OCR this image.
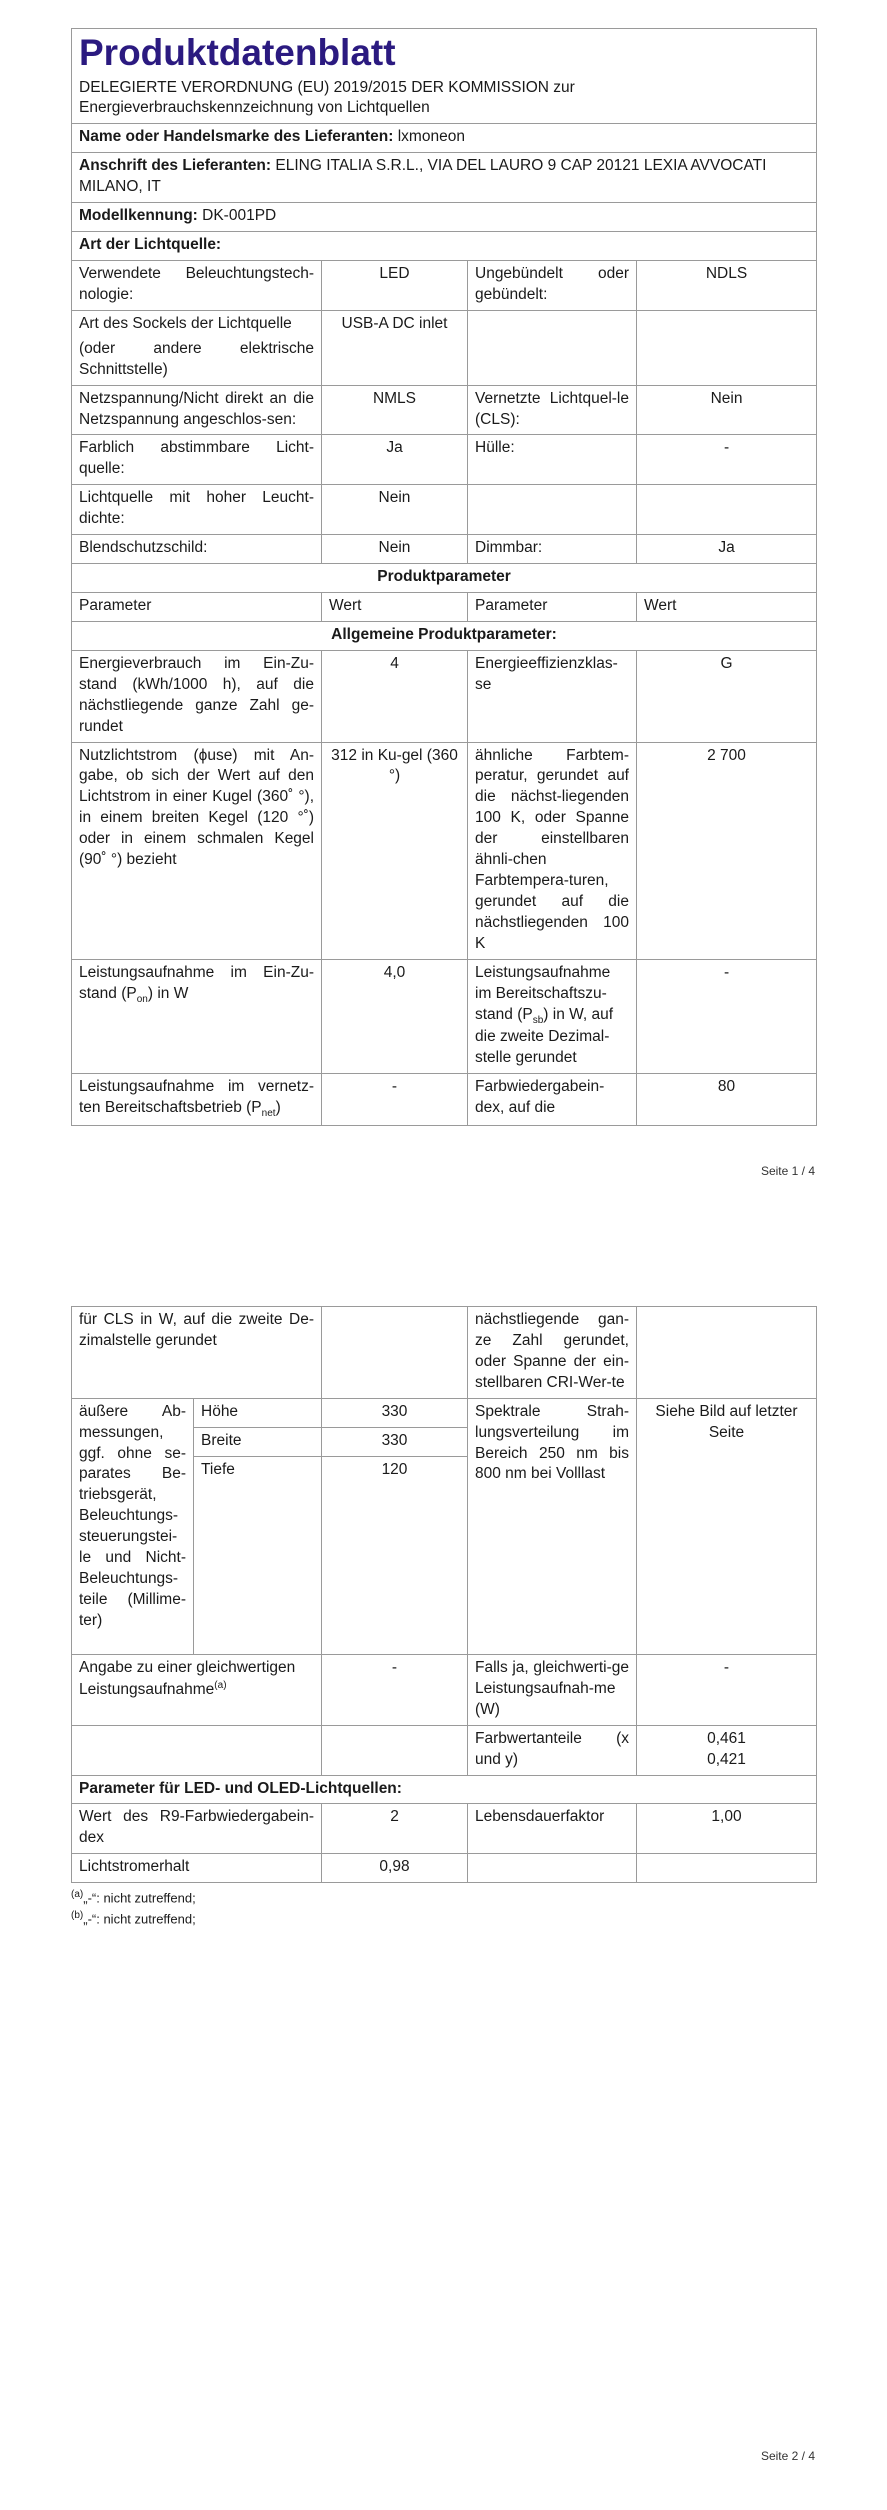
Produktdatenblatt
DELEGIERTE VERORDNUNG (EU) 2019/2015 DER KOMMISSION zur Energieverbrauchskennzeichnung von Lichtquellen			

Name oder Handelsmarke des Lieferanten: lxmoneon			
Anschrift des Lieferanten: ELING ITALIA S.R.L., VIA DEL LAURO 9 CAP 20121 LEXIA AVVOCATI MILANO, IT			
Modellkennung: DK-001PD			
Art der Lichtquelle:			
Verwendete Beleuchtungstech-nologie:	LED	Ungebündelt oder gebündelt:	NDLS

Art des Sockels der Lichtquelle
(oder andere elektrische Schnittstelle)	USB-A DC inlet		
Netzspannung/Nicht direkt an die Netzspannung angeschlos-sen:	NMLS	Vernetzte Lichtquel-le (CLS):	Nein
Farblich abstimmbare Licht-quelle:	Ja	Hülle:	-
Lichtquelle mit hoher Leucht-dichte:	Nein		
Blendschutzschild:	Nein	Dimmbar:	Ja
Produktparameter			
Parameter	Wert	Parameter	Wert
Allgemeine Produktparameter:			
Energieverbrauch im Ein-Zu-stand (kWh/1000 h), auf die nächstliegende ganze Zahl ge-rundet	4	Energieeffizienzklas-se	G
Nutzlichtstrom (ϕuse) mit An-gabe, ob sich der Wert auf den Lichtstrom in einer Kugel (360˚ °), in einem breiten Kegel (120 °˚) oder in einem schmalen Kegel (90˚ °) bezieht	312 in Ku-gel (360 °)	ähnliche Farbtem-peratur, gerundet auf die nächst-liegenden 100 K, oder Spanne der einstellbaren ähnli-chen Farbtempera-turen, gerundet auf die nächstliegenden 100 K	2 700
Leistungsaufnahme im Ein-Zu-stand $(P_{on})$ in W	4,0	Leistungsaufnahme im Bereitschaftszu-stand $(P_{sb})$ in W, auf die zweite Dezimal-stelle gerundet	-
Leistungsaufnahme im vernetz-ten Bereitschaftsbetrieb $(P_{net})$	-	Farbwiedergabein-dex, auf die	80
Seite 1 / 4
für CLS in W, auf die zweite De-zimalstelle gerundet			nächstliegende gan-ze Zahl gerundet, oder Spanne der ein-stellbaren CRI-Wer-te	
äußere Ab-messungen, ggf. ohne se-parates Be-triebsgerät, Beleuchtungs-steuerungstei-le und Nicht-Beleuchtungs-teile (Millime-ter)	Höhe	330	Spektrale Strah-lungsverteilung im Bereich 250 nm bis 800 nm bei Volllast	Siehe Bild auf letzter Seite
	Breite	330		
	Tiefe	120		

Angabe zu einer gleichwertigen Leistungsaufnahme$^{(a)}$		-	Falls ja, gleichwerti-ge Leistungsaufnah-me (W)	-
			Farbwertanteile (x und y)	0,461
0,421

Parameter für LED- und OLED-Lichtquellen:				
Wert des R9-Farbwiedergabein-dex		2	Lebensdauerfaktor	1,00
Lichtstromerhalt		0,98		
$^{(a)}$„-“: nicht zutreffend;
$^{(b)}$„-“: nicht zutreffend;
Seite 2 / 4
